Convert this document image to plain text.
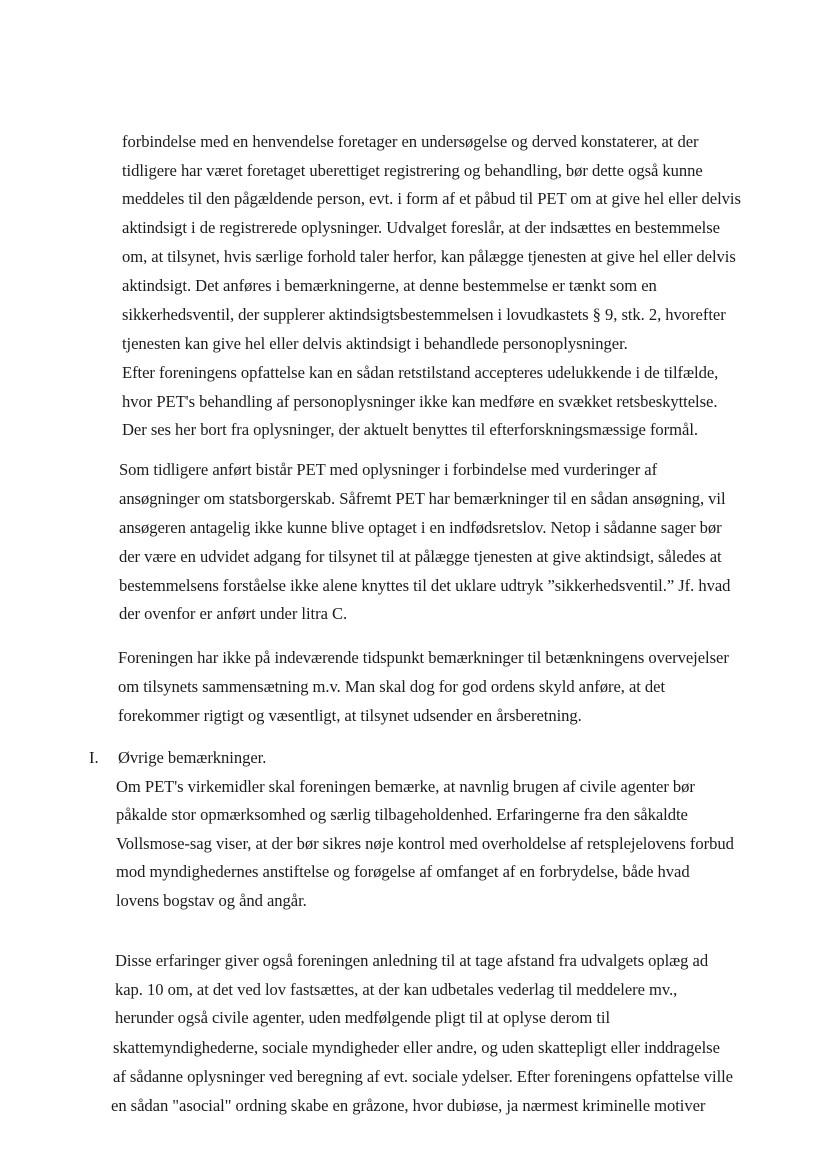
forbindelse med en henvendelse foretager en undersøgelse og derved konstaterer, at der
tidligere har været foretaget uberettiget registrering og behandling, bør dette også kunne
meddeles til den pågældende person, evt. i form af et påbud til PET om at give hel eller delvis
aktindsigt i de registrerede oplysninger. Udvalget foreslår, at der indsættes en bestemmelse
om, at tilsynet, hvis særlige forhold taler herfor, kan pålægge tjenesten at give hel eller delvis
aktindsigt. Det anføres i bemærkningerne, at denne bestemmelse er tænkt som en
sikkerhedsventil, der supplerer aktindsigtsbestemmelsen i lovudkastets § 9, stk. 2, hvorefter
tjenesten kan give hel eller delvis aktindsigt i behandlede personoplysninger.
Efter foreningens opfattelse kan en sådan retstilstand accepteres udelukkende i de tilfælde,
hvor PET's behandling af personoplysninger ikke kan medføre en svækket retsbeskyttelse.
Der ses her bort fra oplysninger, der aktuelt benyttes til efterforskningsmæssige formål.
Som tidligere anført bistår PET med oplysninger i forbindelse med vurderinger af
ansøgninger om statsborgerskab. Såfremt PET har bemærkninger til en sådan ansøgning, vil
ansøgeren antagelig ikke kunne blive optaget i en indfødsretslov. Netop i sådanne sager bør
der være en udvidet adgang for tilsynet til at pålægge tjenesten at give aktindsigt, således at
bestemmelsens forståelse ikke alene knyttes til det uklare udtryk ”sikkerhedsventil.” Jf. hvad
der ovenfor er anført under litra C.
Foreningen har ikke på indeværende tidspunkt bemærkninger til betænkningens overvejelser
om tilsynets sammensætning m.v. Man skal dog for god ordens skyld anføre, at det
forekommer rigtigt og væsentligt, at tilsynet udsender en årsberetning.
I. Øvrige bemærkninger.
Om PET's virkemidler skal foreningen bemærke, at navnlig brugen af civile agenter bør
påkalde stor opmærksomhed og særlig tilbageholdenhed. Erfaringerne fra den såkaldte
Vollsmose-sag viser, at der bør sikres nøje kontrol med overholdelse af retsplejelovens forbud
mod myndighedernes anstiftelse og forøgelse af omfanget af en forbrydelse, både hvad
lovens bogstav og ånd angår.
Disse erfaringer giver også foreningen anledning til at tage afstand fra udvalgets oplæg ad
kap. 10 om, at det ved lov fastsættes, at der kan udbetales vederlag til meddelere mv.,
herunder også civile agenter, uden medfølgende pligt til at oplyse derom til
skattemyndighederne, sociale myndigheder eller andre, og uden skattepligt eller inddragelse
af sådanne oplysninger ved beregning af evt. sociale ydelser. Efter foreningens opfattelse ville
en sådan "asocial" ordning skabe en gråzone, hvor dubiøse, ja nærmest kriminelle motiver
